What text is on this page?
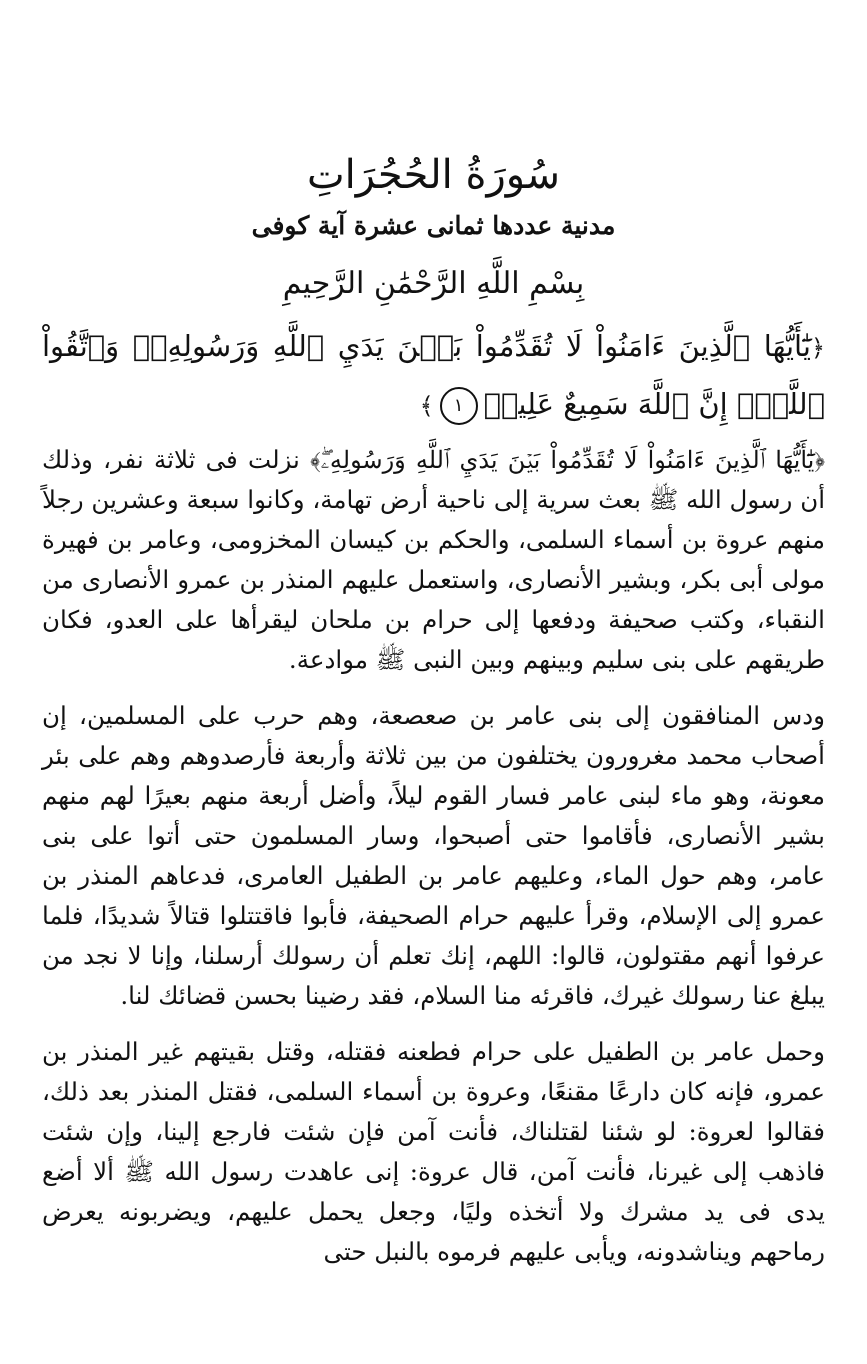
سُورَةُ الحُجُرَاتِ
مدنية عددها ثمانى عشرة آية كوفى
بِسْمِ اللَّهِ الرَّحْمَٰنِ الرَّحِيمِ

﴿يَٰٓأَيُّهَا ٱلَّذِينَ ءَامَنُواْ لَا تُقَدِّمُواْ بَيۡنَ يَدَيِ ٱللَّهِ وَرَسُولِهِۦۖ وَٱتَّقُواْ ٱللَّهَۚ إِنَّ ٱللَّهَ سَمِيعٌ عَلِيمٞ١﴾

﴿يَٰٓأَيُّهَا ٱلَّذِينَ ءَامَنُواْ لَا تُقَدِّمُواْ بَيۡنَ يَدَيِ ٱللَّهِ وَرَسُولِهِۦۖ﴾ نزلت فى ثلاثة نفر، وذلك أن رسول الله ﷺ بعث سرية إلى ناحية أرض تهامة، وكانوا سبعة وعشرين رجلاً منهم عروة بن أسماء السلمى، والحكم بن كيسان المخزومى، وعامر بن فهيرة مولى أبى بكر، وبشير الأنصارى، واستعمل عليهم المنذر بن عمرو الأنصارى من النقباء، وكتب صحيفة ودفعها إلى حرام بن ملحان ليقرأها على العدو، فكان طريقهم على بنى سليم وبينهم وبين النبى ﷺ موادعة.

ودس المنافقون إلى بنى عامر بن صعصعة، وهم حرب على المسلمين، إن أصحاب محمد مغرورون يختلفون من بين ثلاثة وأربعة فأرصدوهم وهم على بئر معونة، وهو ماء لبنى عامر فسار القوم ليلاً، وأضل أربعة منهم بعيرًا لهم منهم بشير الأنصارى، فأقاموا حتى أصبحوا، وسار المسلمون حتى أتوا على بنى عامر، وهم حول الماء، وعليهم عامر بن الطفيل العامرى، فدعاهم المنذر بن عمرو إلى الإسلام، وقرأ عليهم حرام الصحيفة، فأبوا فاقتتلوا قتالاً شديدًا، فلما عرفوا أنهم مقتولون، قالوا: اللهم، إنك تعلم أن رسولك أرسلنا، وإنا لا نجد من يبلغ عنا رسولك غيرك، فاقرئه منا السلام، فقد رضينا بحسن قضائك لنا.

وحمل عامر بن الطفيل على حرام فطعنه فقتله، وقتل بقيتهم غير المنذر بن عمرو، فإنه كان دارعًا مقنعًا، وعروة بن أسماء السلمى، فقتل المنذر بعد ذلك، فقالوا لعروة: لو شئنا لقتلناك، فأنت آمن فإن شئت فارجع إلينا، وإن شئت فاذهب إلى غيرنا، فأنت آمن، قال عروة: إنى عاهدت رسول الله ﷺ ألا أضع يدى فى يد مشرك ولا أتخذه وليًا، وجعل يحمل عليهم، ويضربونه يعرض رماحهم ويناشدونه، ويأبى عليهم فرموه بالنبل حتى
